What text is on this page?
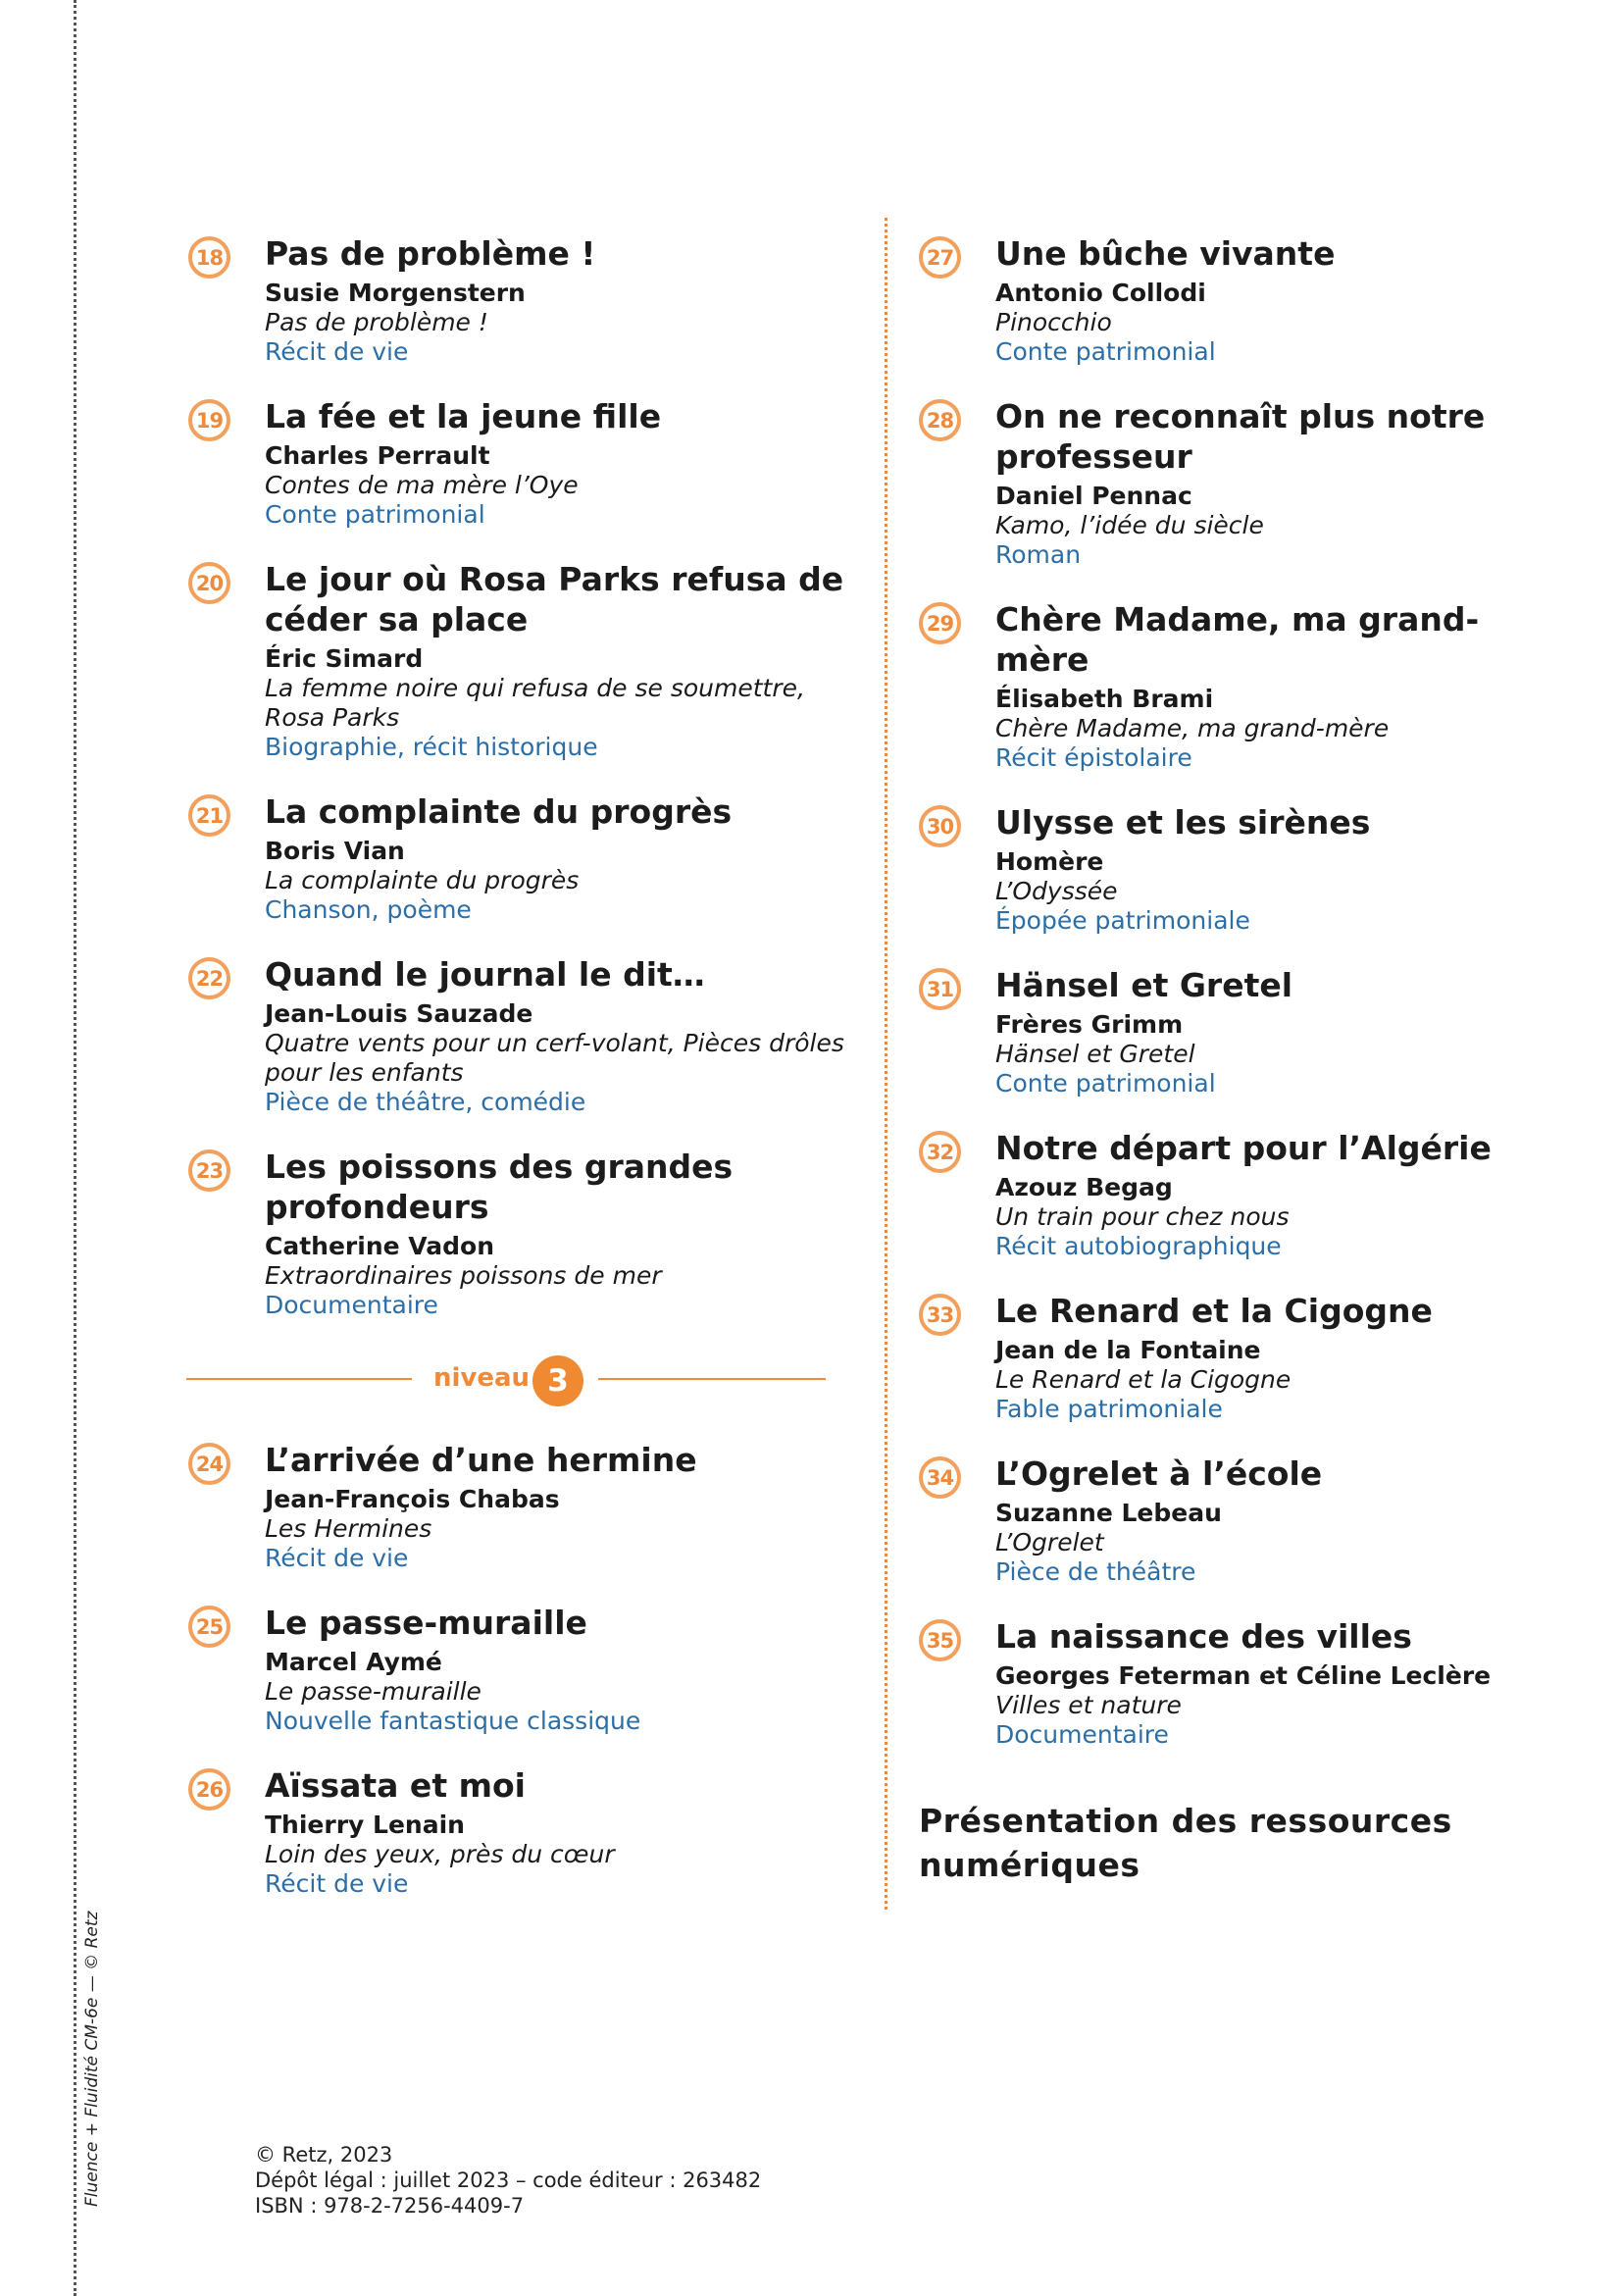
Fluence + Fluidité CM-6e — © Retz
18 Pas de problème !
Susie Morgenstern
Pas de problème !
Récit de vie
19 La fée et la jeune fille
Charles Perrault
Contes de ma mère l’Oye
Conte patrimonial
20 Le jour où Rosa Parks refusa de céder sa place
Éric Simard
La femme noire qui refusa de se soumettre, Rosa Parks
Biographie, récit historique
21 La complainte du progrès
Boris Vian
La complainte du progrès
Chanson, poème
22 Quand le journal le dit…
Jean-Louis Sauzade
Quatre vents pour un cerf-volant, Pièces drôles pour les enfants
Pièce de théâtre, comédie
23 Les poissons des grandes profondeurs
Catherine Vadon
Extraordinaires poissons de mer
Documentaire
niveau 3
24 L’arrivée d’une hermine
Jean-François Chabas
Les Hermines
Récit de vie
25 Le passe-muraille
Marcel Aymé
Le passe-muraille
Nouvelle fantastique classique
26 Aïssata et moi
Thierry Lenain
Loin des yeux, près du cœur
Récit de vie
27 Une bûche vivante
Antonio Collodi
Pinocchio
Conte patrimonial
28 On ne reconnaît plus notre professeur
Daniel Pennac
Kamo, l’idée du siècle
Roman
29 Chère Madame, ma grand-mère
Élisabeth Brami
Chère Madame, ma grand-mère
Récit épistolaire
30 Ulysse et les sirènes
Homère
L’Odyssée
Épopée patrimoniale
31 Hänsel et Gretel
Frères Grimm
Hänsel et Gretel
Conte patrimonial
32 Notre départ pour l’Algérie
Azouz Begag
Un train pour chez nous
Récit autobiographique
33 Le Renard et la Cigogne
Jean de la Fontaine
Le Renard et la Cigogne
Fable patrimoniale
34 L’Ogrelet à l’école
Suzanne Lebeau
L’Ogrelet
Pièce de théâtre
35 La naissance des villes
Georges Feterman et Céline Leclère
Villes et nature
Documentaire
Présentation des ressources numériques
© Retz, 2023
Dépôt légal : juillet 2023 – code éditeur : 263482
ISBN : 978-2-7256-4409-7
